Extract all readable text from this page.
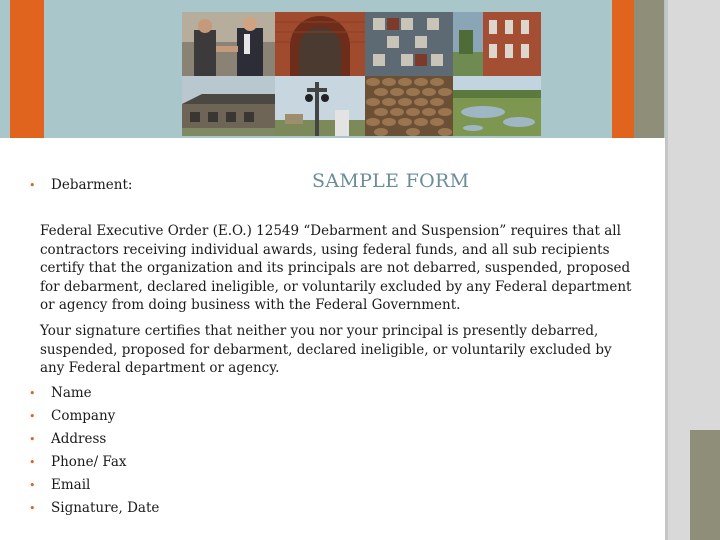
• Debarment:	SAMPLE FORM

Federal Executive Order (E.O.) 12549 “Debarment and Suspension” requires that all contractors receiving individual awards, using federal funds, and all sub recipients certify that the organization and its principals are not debarred, suspended, proposed for debarment, declared ineligible, or voluntarily excluded by any Federal department or agency from doing business with the Federal Government.

Your signature certifies that neither you nor your principal is presently debarred, suspended, proposed for debarment, declared ineligible, or voluntarily excluded by any Federal department or agency.

• Name
• Company
• Address
• Phone/ Fax
• Email
• Signature, Date
